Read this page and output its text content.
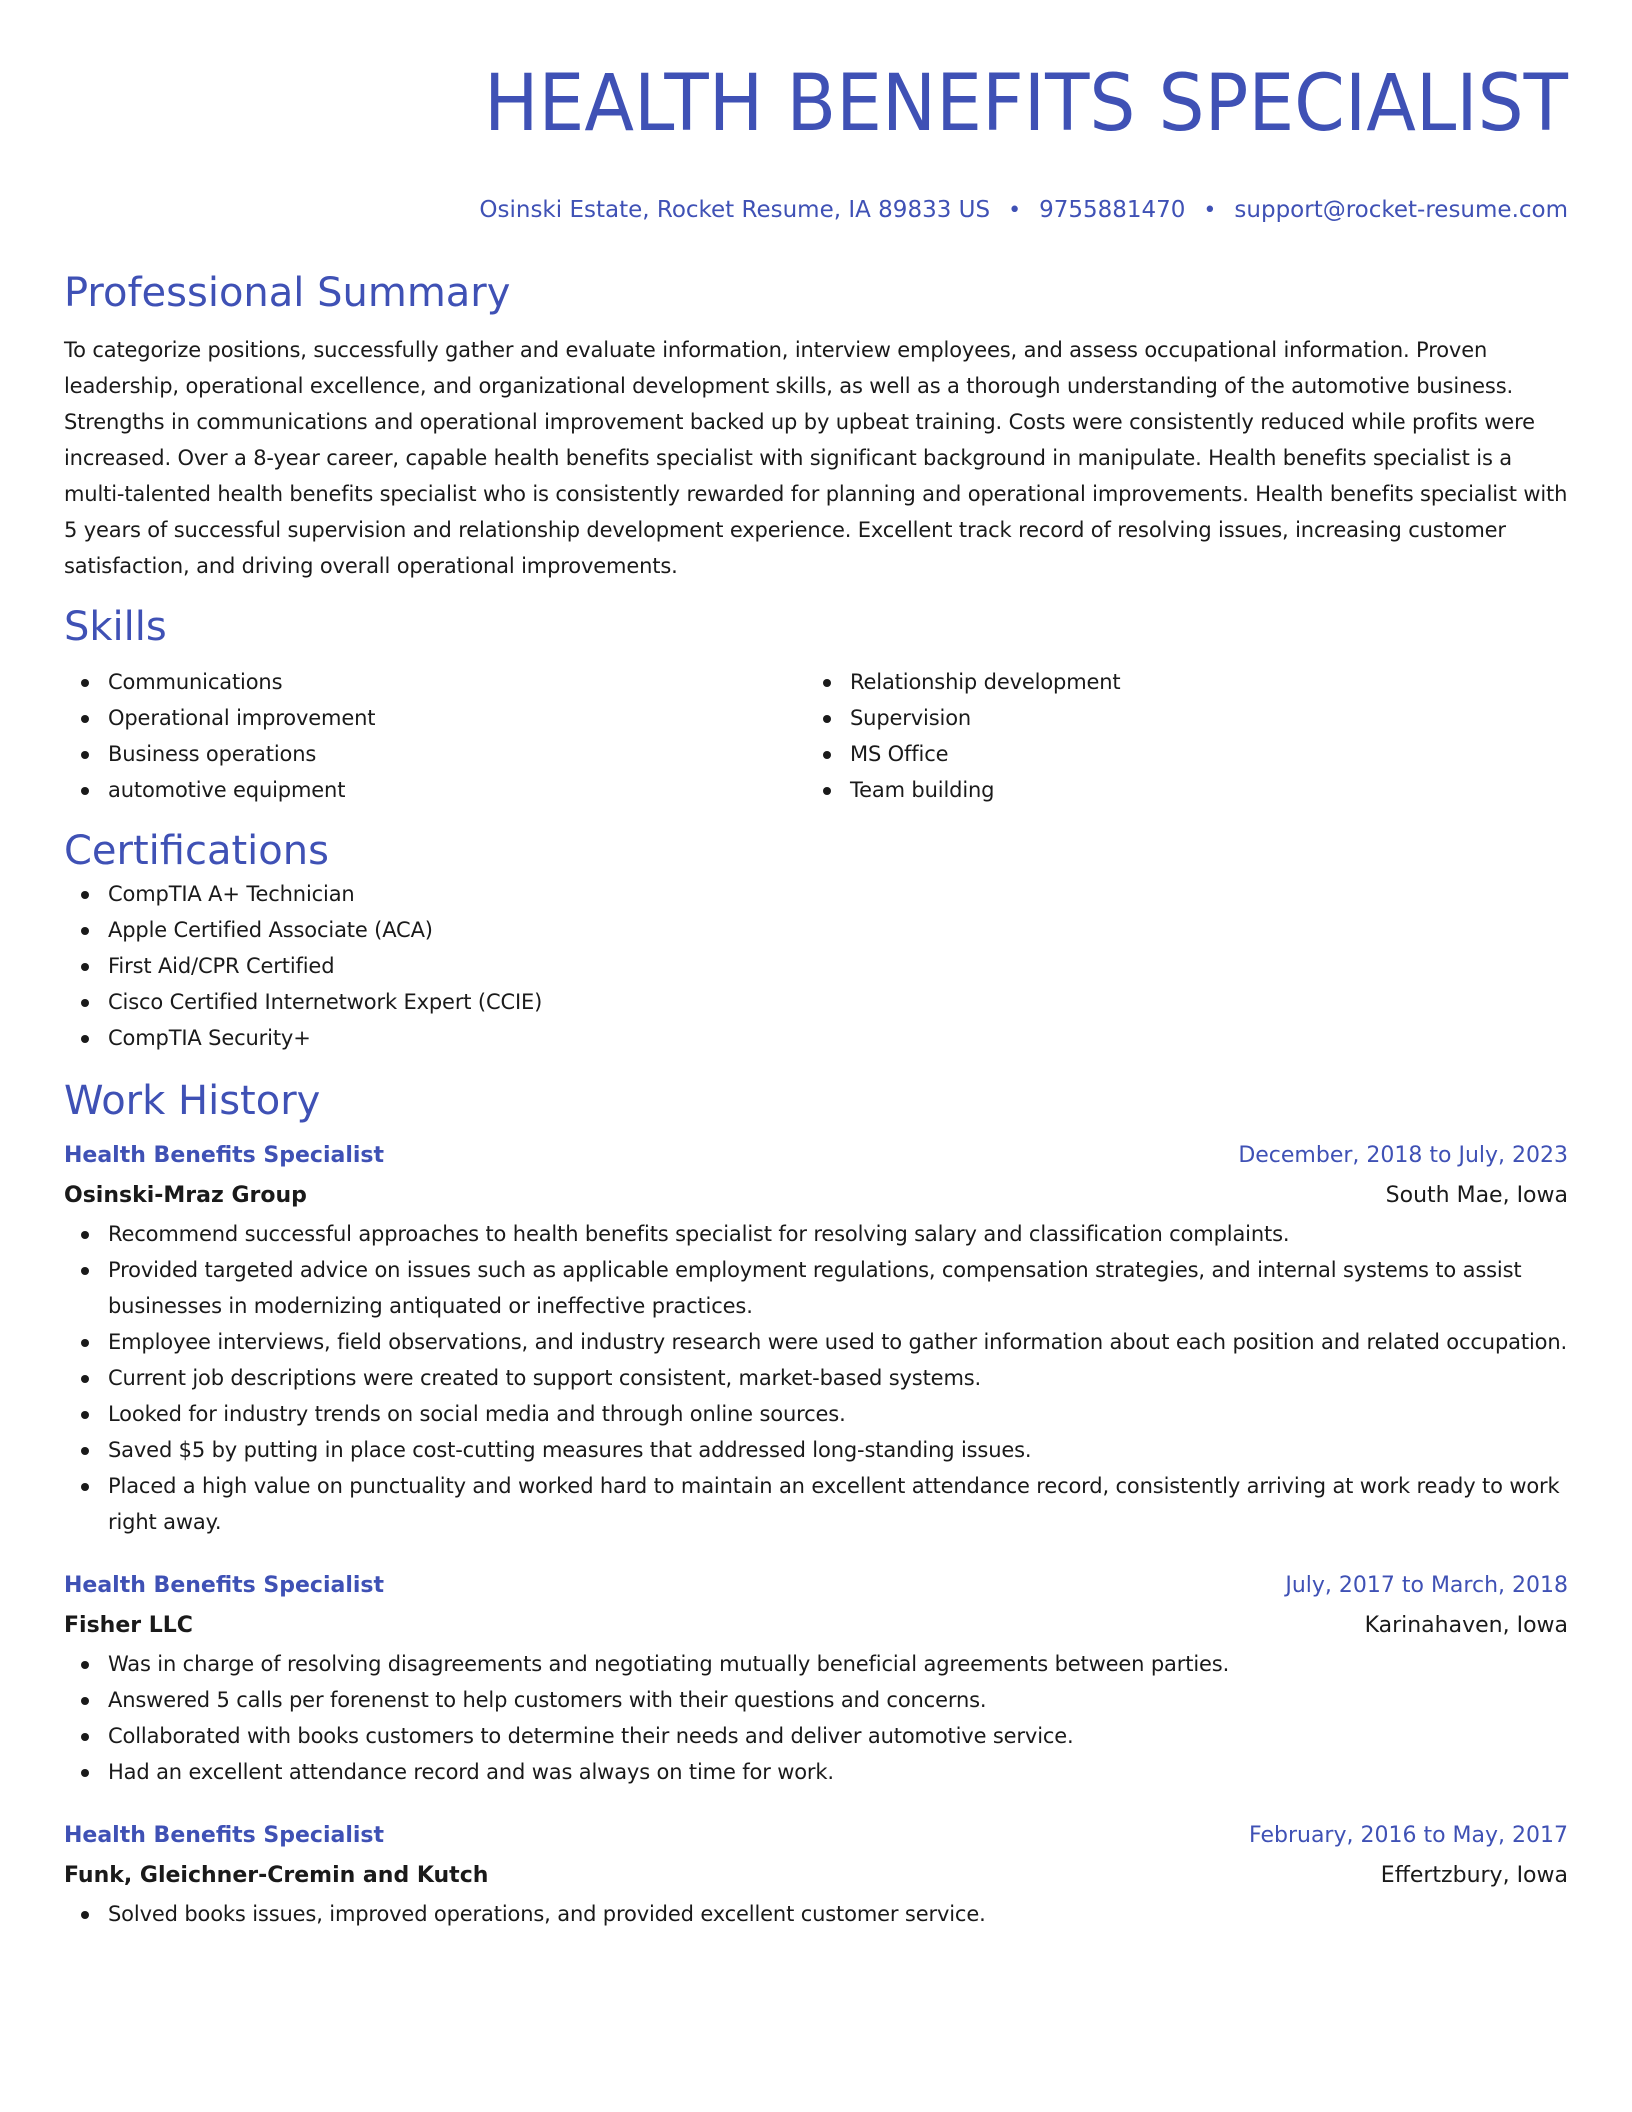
HEALTH BENEFITS SPECIALIST
Osinski Estate, Rocket Resume, IA 89833 US • 9755881470 • support@rocket-resume.com
Professional Summary

To categorize positions, successfully gather and evaluate information, interview employees, and assess occupational information. Proven leadership, operational excellence, and organizational development skills, as well as a thorough understanding of the automotive business. Strengths in communications and operational improvement backed up by upbeat training. Costs were consistently reduced while profits were increased. Over a 8-year career, capable health benefits specialist with significant background in manipulate. Health benefits specialist is a multi-talented health benefits specialist who is consistently rewarded for planning and operational improvements. Health benefits specialist with 5 years of successful supervision and relationship development experience. Excellent track record of resolving issues, increasing customer satisfaction, and driving overall operational improvements.

Skills
Communications
Operational improvement
Business operations
automotive equipment
Relationship development
Supervision
MS Office
Team building
Certifications
CompTIA A+ Technician
Apple Certified Associate (ACA)
First Aid/CPR Certified
Cisco Certified Internetwork Expert (CCIE)
CompTIA Security+
Work History
Health Benefits Specialist	December, 2018 to July, 2023
Osinski-Mraz Group	South Mae, Iowa
Recommend successful approaches to health benefits specialist for resolving salary and classification complaints.
Provided targeted advice on issues such as applicable employment regulations, compensation strategies, and internal systems to assist businesses in modernizing antiquated or ineffective practices.
Employee interviews, field observations, and industry research were used to gather information about each position and related occupation.
Current job descriptions were created to support consistent, market-based systems.
Looked for industry trends on social media and through online sources.
Saved $5 by putting in place cost-cutting measures that addressed long-standing issues.
Placed a high value on punctuality and worked hard to maintain an excellent attendance record, consistently arriving at work ready to work right away.
Health Benefits Specialist	July, 2017 to March, 2018
Fisher LLC	Karinahaven, Iowa
Was in charge of resolving disagreements and negotiating mutually beneficial agreements between parties.
Answered 5 calls per forenenst to help customers with their questions and concerns.
Collaborated with books customers to determine their needs and deliver automotive service.
Had an excellent attendance record and was always on time for work.
Health Benefits Specialist	February, 2016 to May, 2017
Funk, Gleichner-Cremin and Kutch	Effertzbury, Iowa
Solved books issues, improved operations, and provided excellent customer service.
